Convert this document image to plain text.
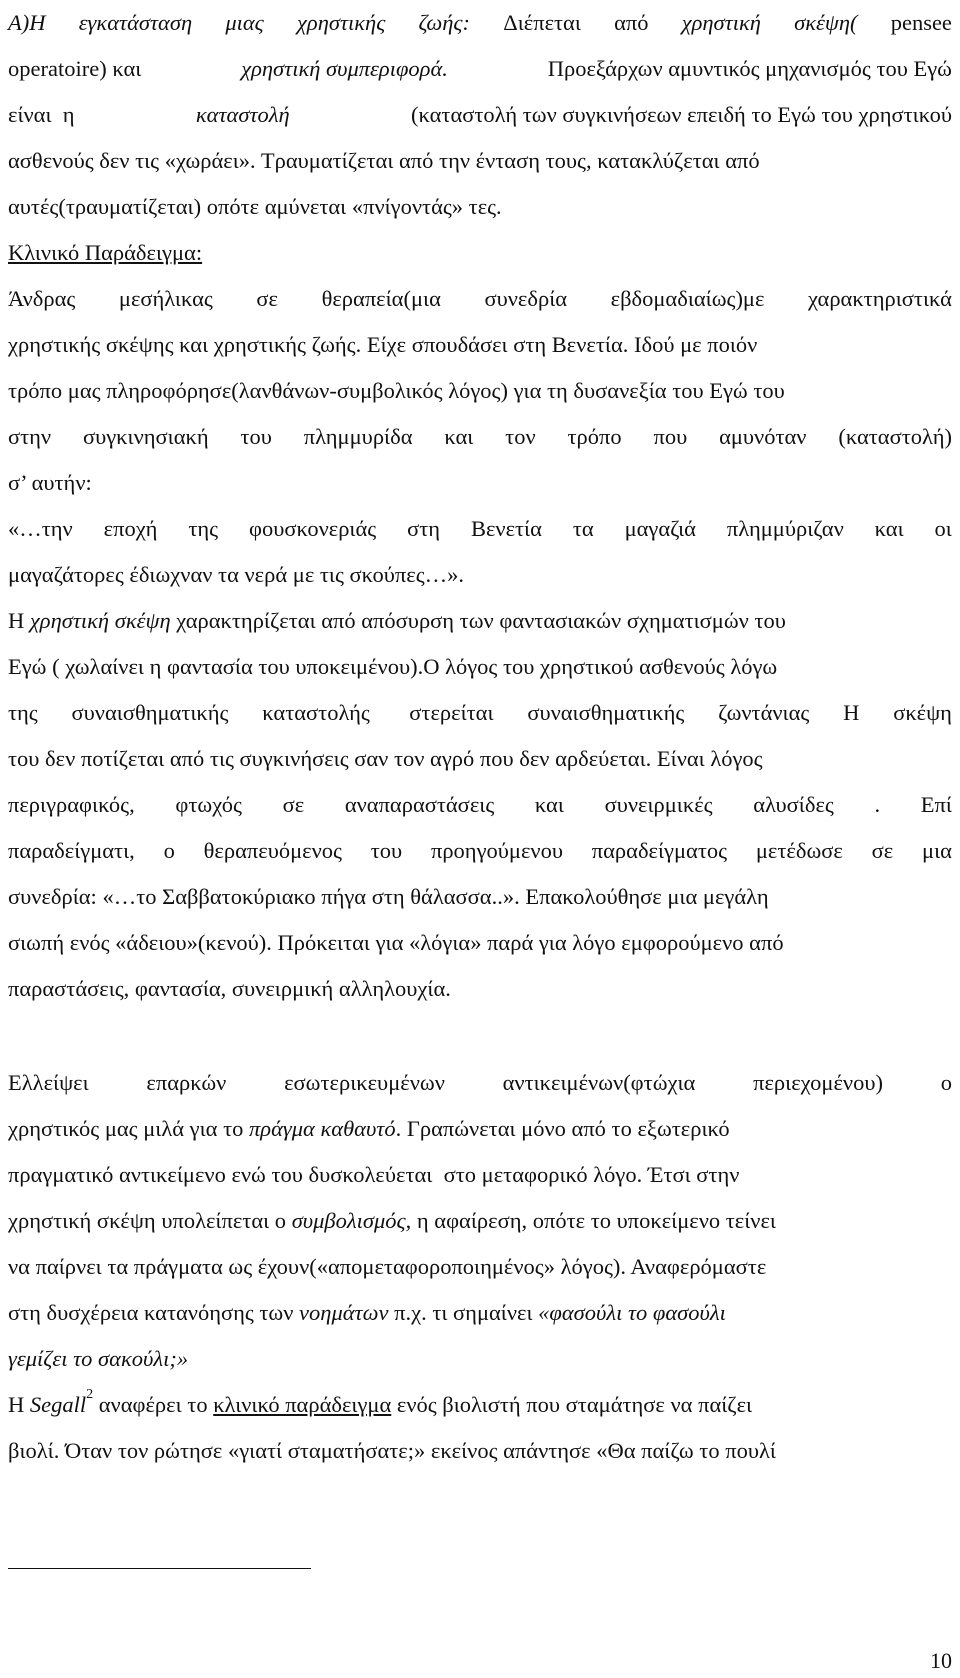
Α)Η εγκατάσταση μιας χρηστικής ζωής: Διέπεται από χρηστική σκέψη( pensee
operatoire) και	χρηστική συμπεριφορά.	Προεξάρχων αμυντικός μηχανισμός του Εγώ
είναι  η	καταστολή	(καταστολή των συγκινήσεων επειδή το Εγώ του χρηστικού
ασθενούς δεν τις «χωράει». Τραυματίζεται από την ένταση τους, κατακλύζεται από
αυτές(τραυματίζεται) οπότε αμύνεται «πνίγοντάς» τες.
Κλινικό Παράδειγμα:
Άνδρας μεσήλικας σε θεραπεία(μια συνεδρία εβδομαδιαίως)με χαρακτηριστικά
χρηστικής σκέψης και χρηστικής ζωής. Είχε σπουδάσει στη Βενετία. Ιδού με ποιόν
τρόπο μας πληροφόρησε(λανθάνων-συμβολικός λόγος) για τη δυσανεξία του Εγώ του
στην συγκινησιακή του πλημμυρίδα και τον τρόπο που αμυνόταν (καταστολή)
σ’ αυτήν:
«…την εποχή της φουσκονεριάς στη Βενετία τα μαγαζιά πλημμύριζαν και οι
μαγαζάτορες έδιωχναν τα νερά με τις σκούπες…».
Η χρηστική σκέψη χαρακτηρίζεται από απόσυρση των φαντασιακών σχηματισμών του
Εγώ ( χωλαίνει η φαντασία του υποκειμένου).Ο λόγος του χρηστικού ασθενούς λόγω
της συναισθηματικής καταστολής στερείται συναισθηματικής ζωντάνιας Η σκέψη
του δεν ποτίζεται από τις συγκινήσεις σαν τον αγρό που δεν αρδεύεται. Είναι λόγος
περιγραφικός, φτωχός σε αναπαραστάσεις και συνειρμικές αλυσίδες . Επί
παραδείγματι, ο θεραπευόμενος του προηγούμενου παραδείγματος μετέδωσε σε μια
συνεδρία: «…το Σαββατοκύριακο πήγα στη θάλασσα..». Επακολούθησε μια μεγάλη
σιωπή ενός «άδειου»(κενού). Πρόκειται για «λόγια» παρά για λόγο εμφορούμενο από
παραστάσεις, φαντασία, συνειρμική αλληλουχία.
Ελλείψει	επαρκών	εσωτερικευμένων	αντικειμένων(φτώχια	περιεχομένου)	ο
χρηστικός μας μιλά για το πράγμα καθαυτό. Γραπώνεται μόνο από το εξωτερικό
πραγματικό αντικείμενο ενώ του δυσκολεύεται  στο μεταφορικό λόγο. Έτσι στην
χρηστική σκέψη υπολείπεται ο συμβολισμός, η αφαίρεση, οπότε το υποκείμενο τείνει
να παίρνει τα πράγματα ως έχουν(«απομεταφοροποιημένος» λόγος). Αναφερόμαστε
στη δυσχέρεια κατανόησης των νοημάτων π.χ. τι σημαίνει «φασούλι το φασούλι
γεμίζει το σακούλι;»
Η Segall$^2$ αναφέρει το κλινικό παράδειγμα ενός βιολιστή που σταμάτησε να παίζει
βιολί. Όταν τον ρώτησε «γιατί σταματήσατε;» εκείνος απάντησε «Θα παίζω το πουλί
10
